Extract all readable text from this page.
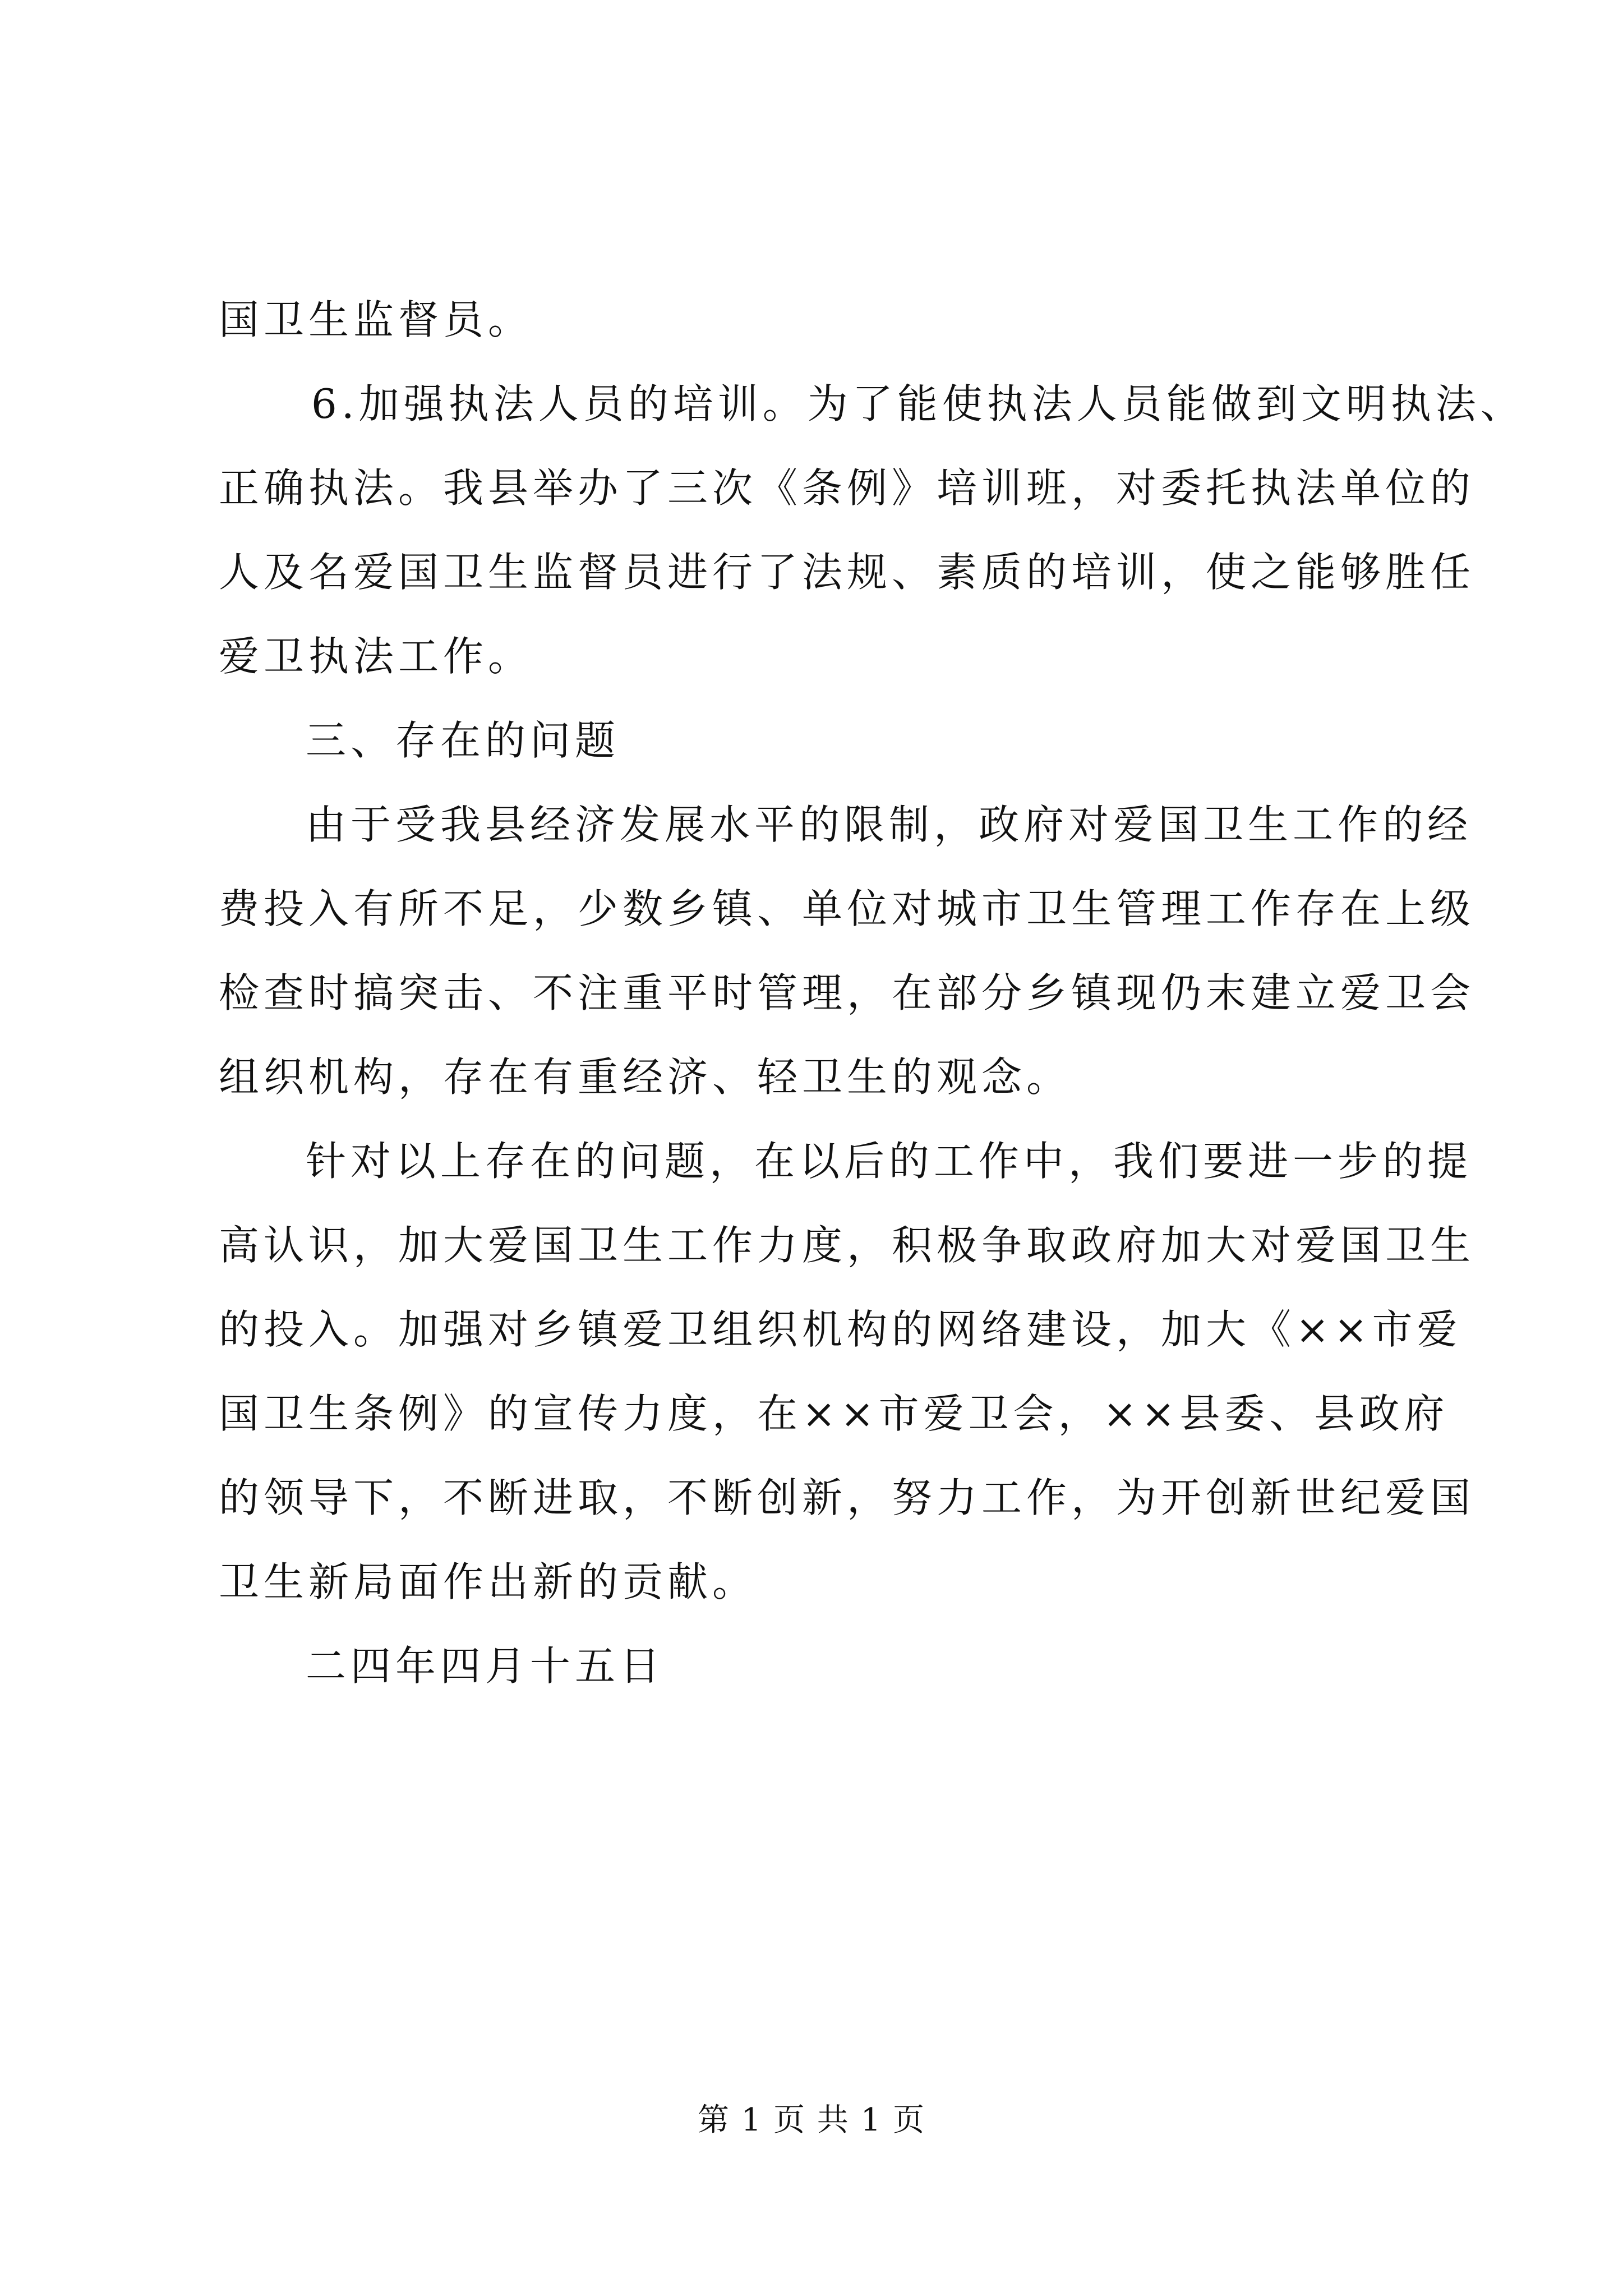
国卫生监督员。
6.加强执法人员的培训。为了能使执法人员能做到文明执法、
正确执法。我县举办了三次《条例》培训班，对委托执法单位的
人及名爱国卫生监督员进行了法规、素质的培训，使之能够胜任
爱卫执法工作。
三、存在的问题
由于受我县经济发展水平的限制，政府对爱国卫生工作的经
费投入有所不足，少数乡镇、单位对城市卫生管理工作存在上级
检查时搞突击、不注重平时管理，在部分乡镇现仍末建立爱卫会
组织机构，存在有重经济、轻卫生的观念。
针对以上存在的问题，在以后的工作中，我们要进一步的提
高认识，加大爱国卫生工作力度，积极争取政府加大对爱国卫生
的投入。加强对乡镇爱卫组织机构的网络建设，加大《××市爱
国卫生条例》的宣传力度，在××市爱卫会，××县委、县政府
的领导下，不断进取，不断创新，努力工作，为开创新世纪爱国
卫生新局面作出新的贡献。
二四年四月十五日
第 1 页 共 1 页
